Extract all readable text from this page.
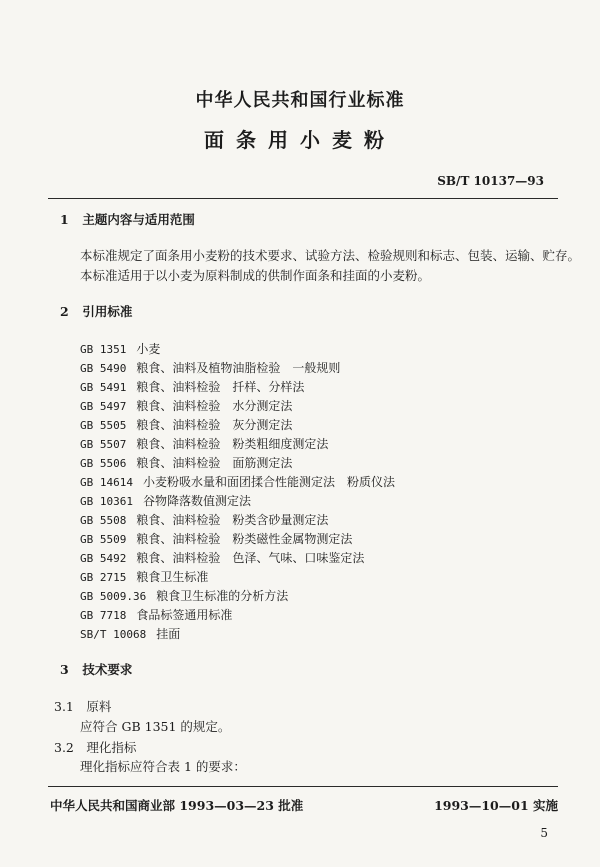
中华人民共和国行业标准
面条用小麦粉
SB/T 10137—93
1 主题内容与适用范围
本标准规定了面条用小麦粉的技术要求、试验方法、检验规则和标志、包装、运输、贮存。
本标准适用于以小麦为原料制成的供制作面条和挂面的小麦粉。
2 引用标准
GB 1351 小麦
GB 5490 粮食、油料及植物油脂检验　一般规则
GB 5491 粮食、油料检验　扦样、分样法
GB 5497 粮食、油料检验　水分测定法
GB 5505 粮食、油料检验　灰分测定法
GB 5507 粮食、油料检验　粉类粗细度测定法
GB 5506 粮食、油料检验　面筋测定法
GB 14614 小麦粉吸水量和面团揉合性能测定法　粉质仪法
GB 10361 谷物降落数值测定法
GB 5508 粮食、油料检验　粉类含砂量测定法
GB 5509 粮食、油料检验　粉类磁性金属物测定法
GB 5492 粮食、油料检验　色泽、气味、口味鉴定法
GB 2715 粮食卫生标准
GB 5009.36 粮食卫生标准的分析方法
GB 7718 食品标签通用标准
SB/T 10068 挂面
3 技术要求
3.1　 原料
应符合 GB 1351 的规定。
3.2　 理化指标
理化指标应符合表 1 的要求：
中华人民共和国商业部 1993—03—23 批准	1993—10—01 实施
5
